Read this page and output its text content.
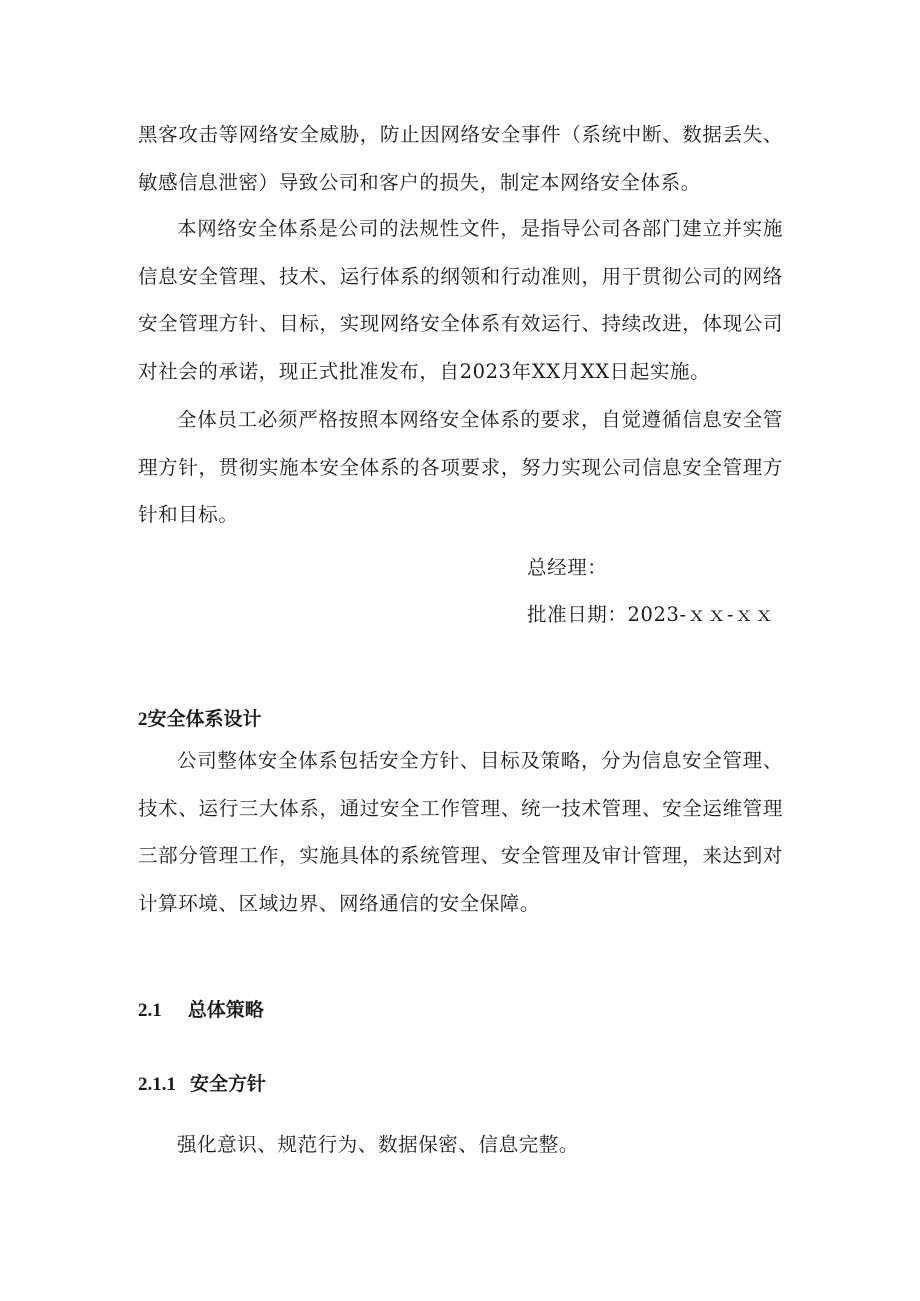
黑客攻击等网络安全威胁，防止因网络安全事件（系统中断、数据丢失、敏感信息泄密）导致公司和客户的损失，制定本网络安全体系。

本网络安全体系是公司的法规性文件，是指导公司各部门建立并实施信息安全管理、技术、运行体系的纲领和行动准则，用于贯彻公司的网络安全管理方针、目标，实现网络安全体系有效运行、持续改进，体现公司对社会的承诺，现正式批准发布，自2023年XX月XX日起实施。

全体员工必须严格按照本网络安全体系的要求，自觉遵循信息安全管理方针，贯彻实施本安全体系的各项要求，努力实现公司信息安全管理方针和目标。

总经理：
批准日期：2023-ｘｘ-ｘｘ
2安全体系设计

公司整体安全体系包括安全方针、目标及策略，分为信息安全管理、技术、运行三大体系，通过安全工作管理、统一技术管理、安全运维管理三部分管理工作，实施具体的系统管理、安全管理及审计管理，来达到对计算环境、区域边界、网络通信的安全保障。

2.1 总体策略
2.1.1 安全方针

强化意识、规范行为、数据保密、信息完整。
